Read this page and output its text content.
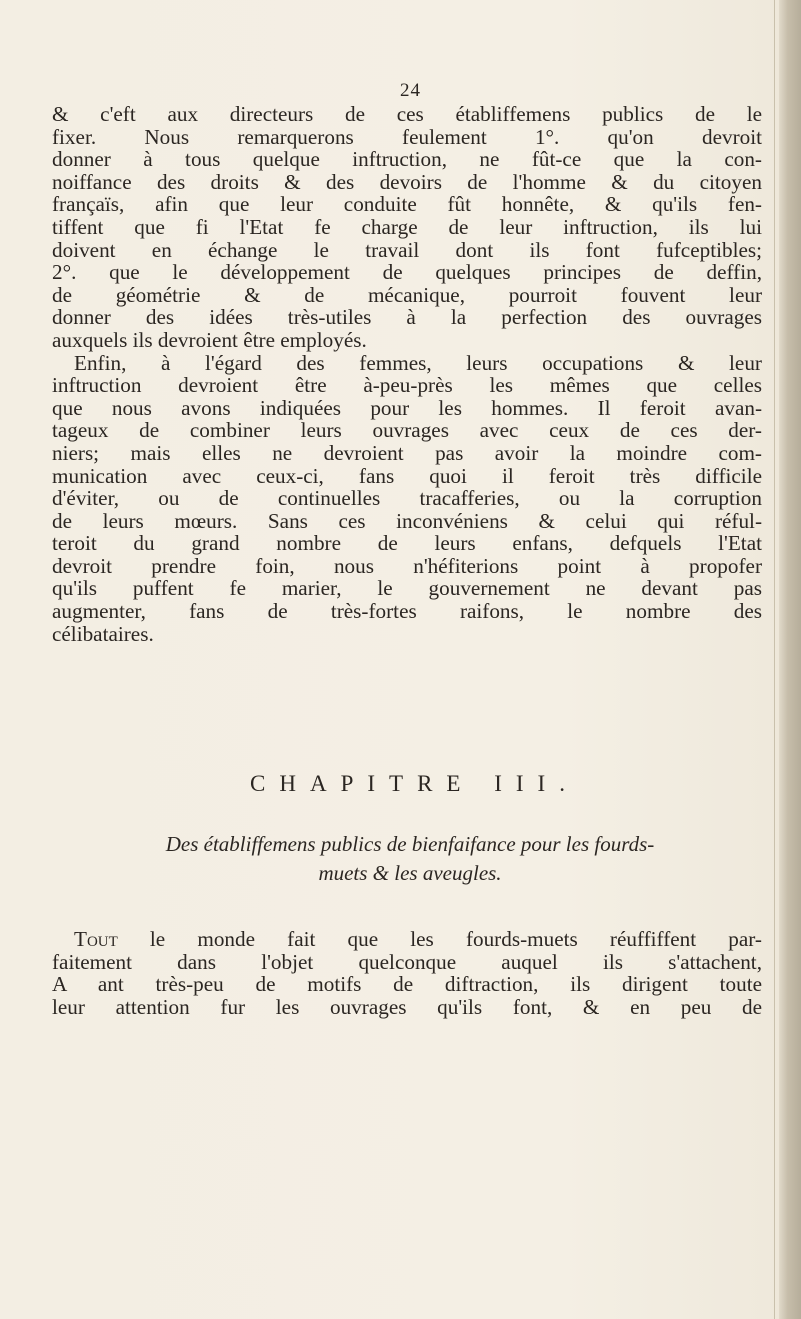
24
& c'eft aux directeurs de ces établiffemens publics de le
fixer. Nous remarquerons feulement 1°. qu'on devroit
donner à tous quelque inftruction, ne fût-ce que la con-
noiffance des droits & des devoirs de l'homme & du citoyen
françaïs, afin que leur conduite fût honnête, & qu'ils fen-
tiffent que fi l'Etat fe charge de leur inftruction, ils lui
doivent en échange le travail dont ils font fufceptibles;
2°. que le développement de quelques principes de deffin,
de géométrie & de mécanique, pourroit fouvent leur
donner des idées très-utiles à la perfection des ouvrages
auxquels ils devroient être employés.
Enfin, à l'égard des femmes, leurs occupations & leur
inftruction devroient être à-peu-près les mêmes que celles
que nous avons indiquées pour les hommes. Il feroit avan-
tageux de combiner leurs ouvrages avec ceux de ces der-
niers; mais elles ne devroient pas avoir la moindre com-
munication avec ceux-ci, fans quoi il feroit très difficile
d'éviter, ou de continuelles tracafferies, ou la corruption
de leurs mœurs. Sans ces inconvéniens & celui qui réful-
teroit du grand nombre de leurs enfans, defquels l'Etat
devroit prendre foin, nous n'héfiterions point à propofer
qu'ils puffent fe marier, le gouvernement ne devant pas
augmenter, fans de très-fortes raifons, le nombre des
célibataires.
CHAPITRE III.
Des établiffemens publics de bienfaifance pour les fourds-
muets & les aveugles.
Tout le monde fait que les fourds-muets réuffiffent par-
faitement dans l'objet quelconque auquel ils s'attachent,
A ant très-peu de motifs de diftraction, ils dirigent toute
leur attention fur les ouvrages qu'ils font, & en peu de
